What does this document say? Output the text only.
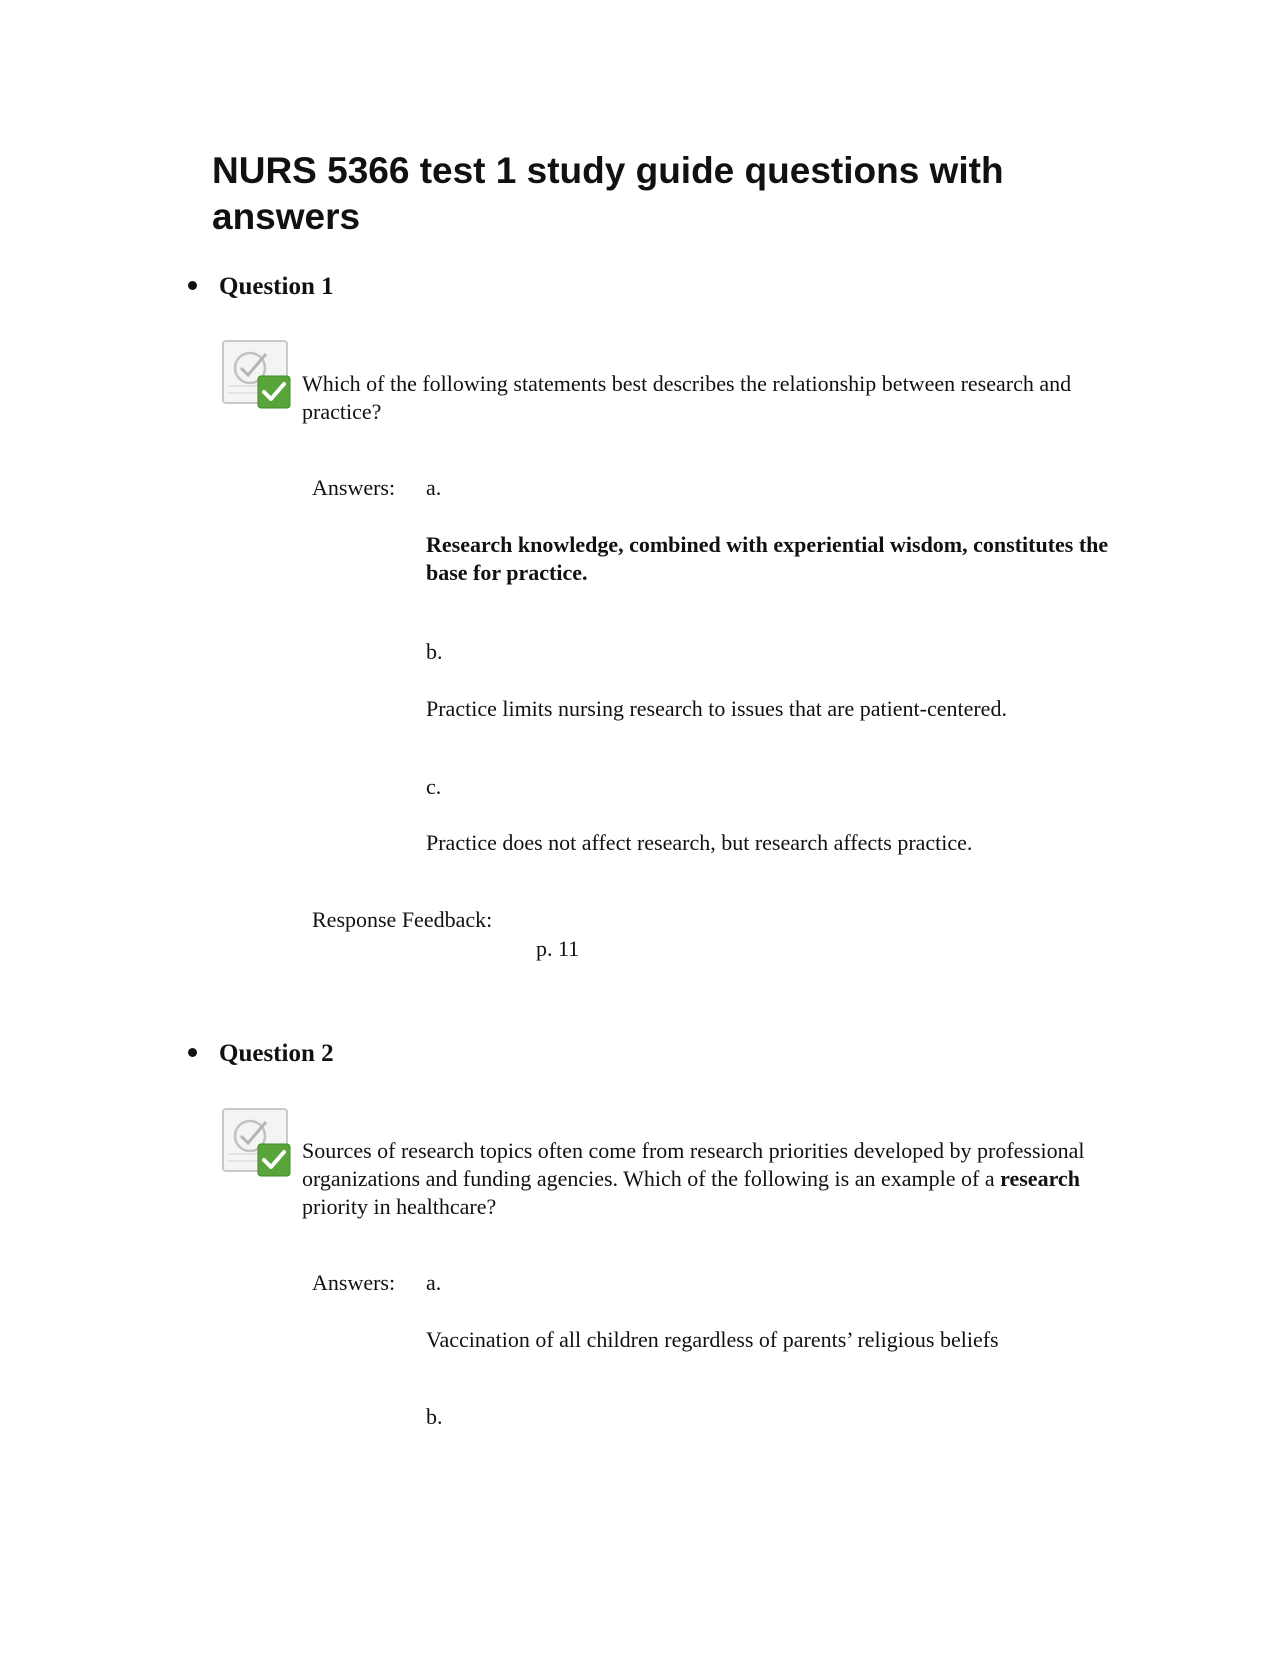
NURS 5366 test 1 study guide questions with answers
Question 1
Which of the following statements best describes the relationship between research and practice?
Answers: a.
Research knowledge, combined with experiential wisdom, constitutes the base for practice.
b.
Practice limits nursing research to issues that are patient-centered.
c.
Practice does not affect research, but research affects practice.
Response Feedback:
p. 11
Question 2
Sources of research topics often come from research priorities developed by professional organizations and funding agencies. Which of the following is an example of a research priority in healthcare?
Answers: a.
Vaccination of all children regardless of parents’ religious beliefs
b.
